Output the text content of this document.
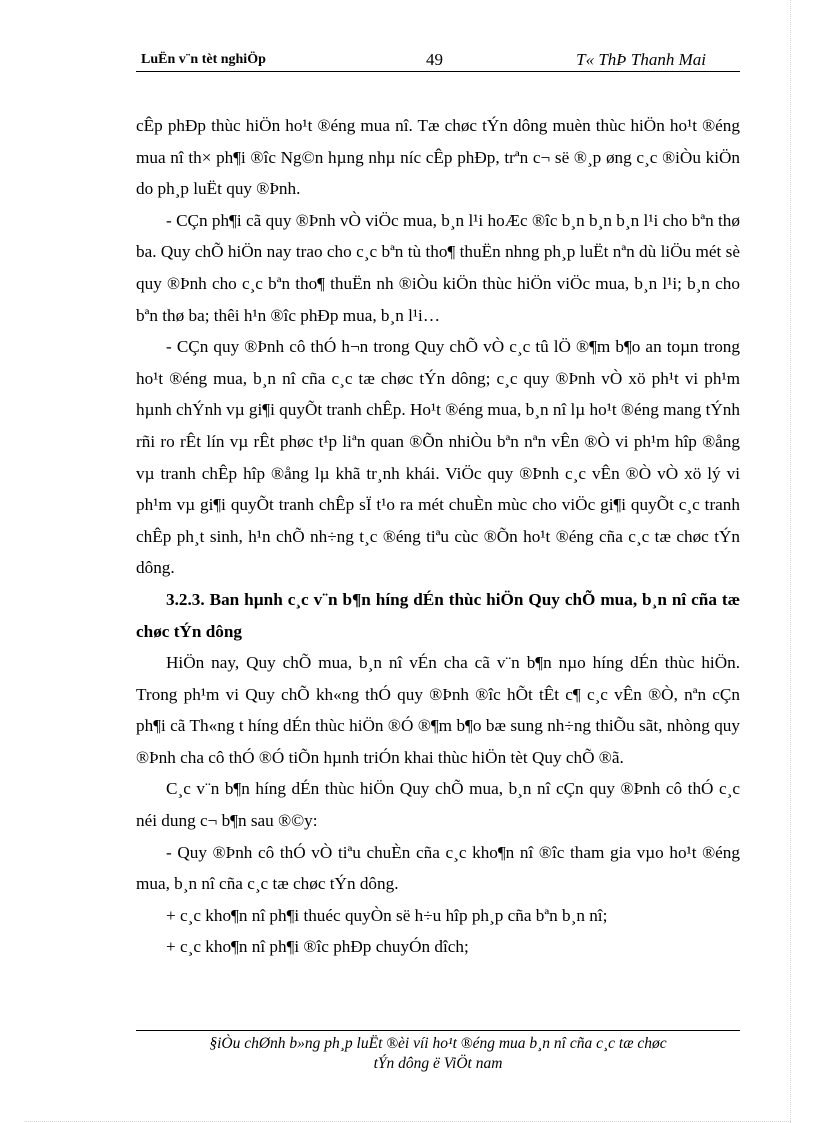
LuËn v¨n tèt nghiÖp	49	T« ThÞ Thanh Mai

cÊp phÐp thùc hiÖn ho¹t ®éng mua nî. Tæ chøc tÝn dông muèn thùc hiÖn ho¹t ®éng mua nî th× ph¶i ®îc Ng©n hµng nhµ níc cÊp phÐp, trªn c¬ së ®¸p øng c¸c ®iÒu kiÖn do ph¸p luËt quy ®Þnh.

- CÇn ph¶i cã quy ®Þnh vÒ viÖc mua, b¸n l¹i hoÆc ®îc b¸n b¸n b¸n l¹i cho bªn thø ba. Quy chÕ hiÖn nay trao cho c¸c bªn tù tho¶ thuËn nhng ph¸p luËt nªn dù liÖu mét sè quy ®Þnh cho c¸c bªn tho¶ thuËn nh ®iÒu kiÖn thùc hiÖn viÖc mua, b¸n l¹i; b¸n cho bªn thø ba; thêi h¹n ®îc phÐp mua, b¸n l¹i…

- CÇn quy ®Þnh cô thÓ h¬n trong Quy chÕ vÒ c¸c tû lÖ ®¶m b¶o an toµn trong ho¹t ®éng mua, b¸n nî cña c¸c tæ chøc tÝn dông; c¸c quy ®Þnh vÒ xö ph¹t vi ph¹m hµnh chÝnh vµ gi¶i quyÕt tranh chÊp. Ho¹t ®éng mua, b¸n nî lµ ho¹t ®éng mang tÝnh rñi ro rÊt lín vµ rÊt phøc t¹p liªn quan ®Õn nhiÒu bªn nªn vÊn ®Ò vi ph¹m hîp ®ång vµ tranh chÊp hîp ®ång lµ khã tr¸nh khái. ViÖc quy ®Þnh c¸c vÊn ®Ò vÒ xö lý vi ph¹m vµ gi¶i quyÕt tranh chÊp sÏ t¹o ra mét chuÈn mùc cho viÖc gi¶i quyÕt c¸c tranh chÊp ph¸t sinh, h¹n chÕ nh÷ng t¸c ®éng tiªu cùc ®Õn ho¹t ®éng cña c¸c tæ chøc tÝn dông.

3.2.3. Ban hµnh c¸c v¨n b¶n híng dÉn thùc hiÖn Quy chÕ mua, b¸n nî cña tæ chøc tÝn dông

HiÖn nay, Quy chÕ mua, b¸n nî vÉn cha cã v¨n b¶n nµo híng dÉn thùc hiÖn. Trong ph¹m vi Quy chÕ kh«ng thÓ quy ®Þnh ®îc hÕt tÊt c¶ c¸c vÊn ®Ò, nªn cÇn ph¶i cã Th«ng t híng dÉn thùc hiÖn ®Ó ®¶m b¶o bæ sung nh÷ng thiÕu sãt, nhòng quy ®Þnh cha cô thÓ ®Ó tiÕn hµnh triÓn khai thùc hiÖn tèt Quy chÕ ®ã.

C¸c v¨n b¶n híng dÉn thùc hiÖn Quy chÕ mua, b¸n nî cÇn quy ®Þnh cô thÓ c¸c néi dung c¬ b¶n sau ®©y:

- Quy ®Þnh cô thÓ vÒ tiªu chuÈn cña c¸c kho¶n nî ®îc tham gia vµo ho¹t ®éng mua, b¸n nî cña c¸c tæ chøc tÝn dông.

+ c¸c kho¶n nî ph¶i thuéc quyÒn së h÷u hîp ph¸p cña bªn b¸n nî;

+ c¸c kho¶n nî ph¶i ®îc phÐp chuyÓn dîch;

§iÒu chØnh b»ng ph¸p luËt ®èi víi ho¹t ®éng mua b¸n nî cña c¸c tæ chøc
tÝn dông ë ViÖt nam
